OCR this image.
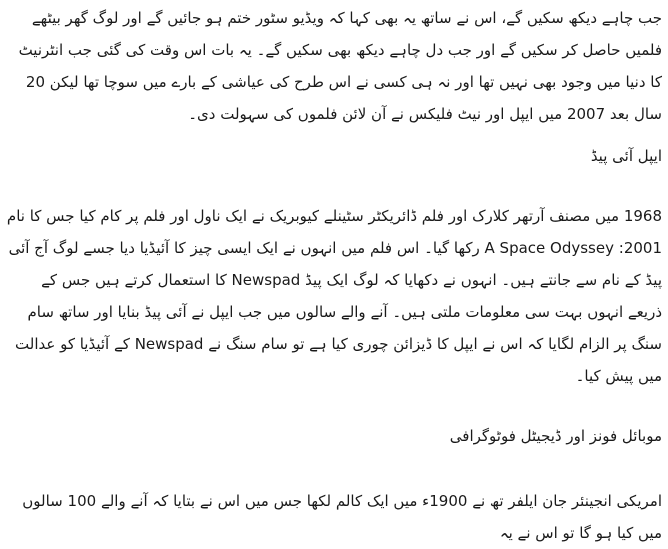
جب چاہے دیکھ سکیں گے، اس نے ساتھ یہ بھی کہا کہ ویڈیو سٹور ختم ہو جائیں گے اور لوگ گھر بیٹھے فلمیں حاصل کر سکیں گے اور جب دل چاہے دیکھ بھی سکیں گے۔ یہ بات اس وقت کی گئی جب انٹرنیٹ کا دنیا میں وجود بھی نہیں تھا اور نہ ہی کسی نے اس طرح کی عیاشی کے بارے میں سوچا تھا لیکن 20 سال بعد 2007 میں ایپل اور نیٹ فلیکس نے آن لائن فلموں کی سہولت دی۔

ایپل آئی پیڈ

1968 میں مصنف آرتھر کلارک اور فلم ڈائریکٹر سٹینلے کیوبریک نے ایک ناول اور فلم پر کام کیا جس کا نام 2001: A Space Odyssey رکھا گیا۔ اس فلم میں انہوں نے ایک ایسی چیز کا آئیڈیا دیا جسے لوگ آج آئی پیڈ کے نام سے جانتے ہیں۔ انہوں نے دکھایا کہ لوگ ایک پیڈ Newspad کا استعمال کرتے ہیں جس کے ذریعے انہوں بہت سی معلومات ملتی ہیں۔ آنے والے سالوں میں جب ایپل نے آئی پیڈ بنایا اور ساتھ سام سنگ پر الزام لگایا کہ اس نے ایپل کا ڈیزائن چوری کیا ہے تو سام سنگ نے Newspad کے آئیڈیا کو عدالت میں پیش کیا۔

موبائل فونز اور ڈیجیٹل فوٹوگرافی

امریکی انجینئر جان ایلفر تھ نے 1900ء میں ایک کالم لکھا جس میں اس نے بتایا کہ آنے والے 100 سالوں میں کیا ہو گا تو اس نے یہ
